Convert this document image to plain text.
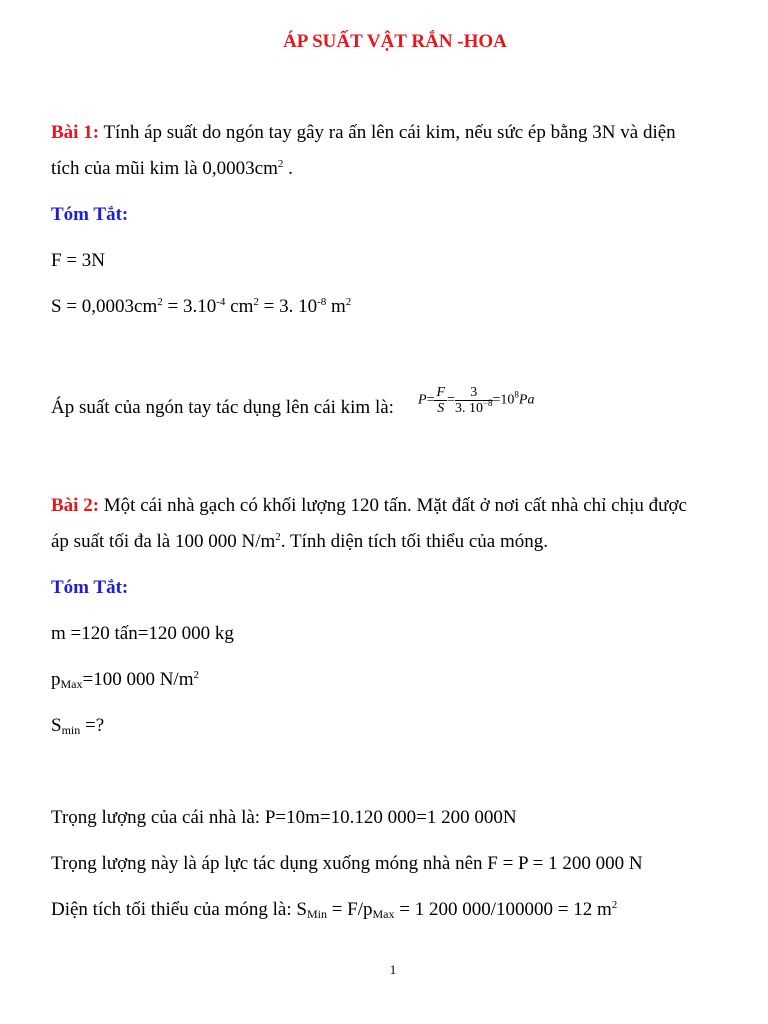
ÁP SUẤT VẬT RẮN -HOA
Bài 1: Tính áp suất do ngón tay gây ra ấn lên cái kim, nếu sức ép bằng 3N và diện
tích của mũi kim là $0,0003cm^2$ .
Tóm Tắt:
F = 3N
$S = 0,0003cm^2 = 3.10^{-4}$ $cm^2 = 3$. $10^{-8}$ $m^2$
Áp suất của ngón tay tác dụng lên cái kim là: $P= \frac{F}{S} = \frac{3}{3. 10^{-8}} =10^8Pa$
Bài 2: Một cái nhà gạch có khối lượng 120 tấn. Mặt đất ở nơi cất nhà chỉ chịu được
áp suất tối đa là 100 000 $N/m^2$. Tính diện tích tối thiểu của móng.
Tóm Tắt:
m =120 tấn=120 000 kg
$p_{Max}=100$ 000 $N/m^2$
$S_{min}$ =?
Trọng lượng của cái nhà là: P=10m=10.120 000=1 200 000N
Trọng lượng này là áp lực tác dụng xuống móng nhà nên F = P = 1 200 000 N
Diện tích tối thiểu của móng là: $S_{Min} = F/p_{Max} = 1$ 200 000/100000 = 12 $m^2$
1
